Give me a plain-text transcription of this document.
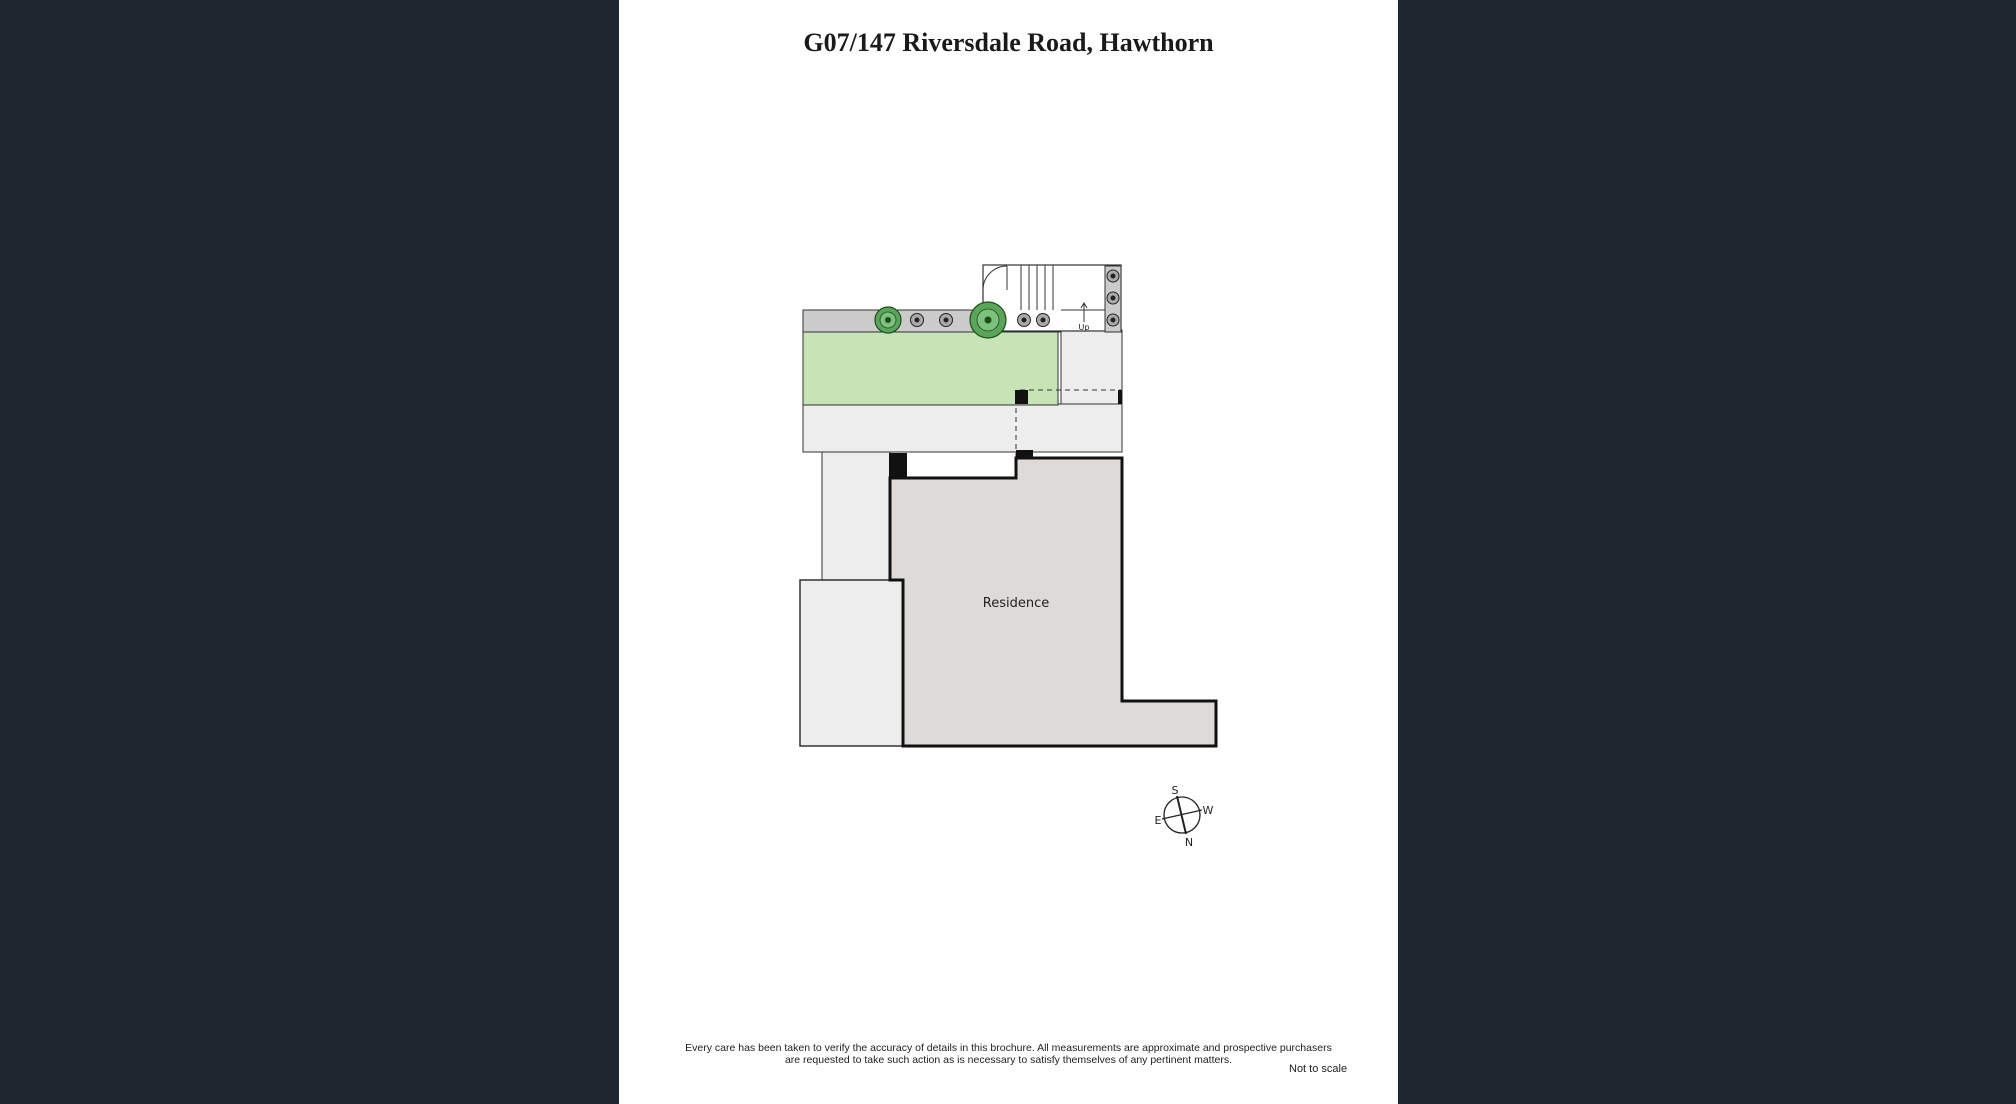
G07/147 Riversdale Road, Hawthorn
Up
Residence
S
N
E
W
Every care has been taken to verify the accuracy of details in this brochure. All measurements are approximate and prospective purchasers
are requested to take such action as is necessary to satisfy themselves of any pertinent matters.
Not to scale
